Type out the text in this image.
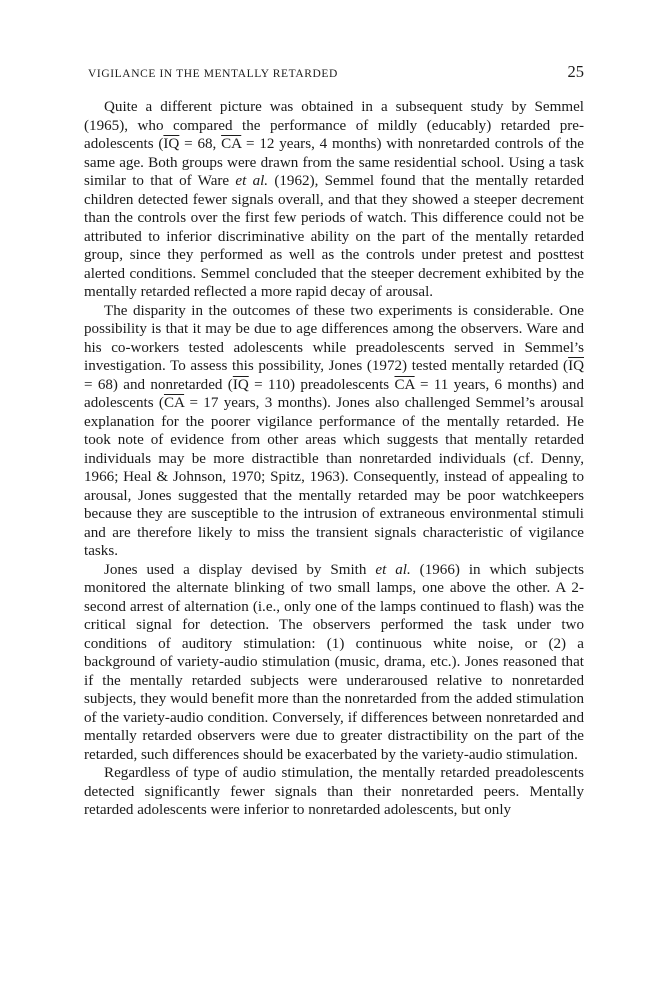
VIGILANCE IN THE MENTALLY RETARDED	25

Quite a different picture was obtained in a subsequent study by Semmel (1965), who compared the performance of mildly (educably) retarded pre-adolescents ($\overline{IQ} = 68$, $\overline{CA} = 12$ years, 4 months) with nonretarded controls of the same age. Both groups were drawn from the same residential school. Using a task similar to that of Ware et al. (1962), Semmel found that the mentally retarded children detected fewer signals overall, and that they showed a steeper decrement than the controls over the first few periods of watch. This difference could not be attributed to inferior discriminative ability on the part of the mentally retarded group, since they performed as well as the controls under pretest and posttest alerted conditions. Semmel concluded that the steeper decrement exhibited by the mentally retarded reflected a more rapid decay of arousal.

The disparity in the outcomes of these two experiments is considerable. One possibility is that it may be due to age differences among the observers. Ware and his co-workers tested adolescents while preadolescents served in Semmel’s investigation. To assess this possibility, Jones (1972) tested mentally retarded $(\overline{IQ} = 68)$ and nonretarded $(\overline{IQ} = 110)$ preadolescents $\overline{CA} = 11$ years, 6 months) and adolescents ($\overline{CA} = 17$ years, 3 months). Jones also challenged Semmel’s arousal explanation for the poorer vigilance performance of the mentally retarded. He took note of evidence from other areas which suggests that mentally retarded individuals may be more distractible than nonretarded individuals (cf. Denny, 1966; Heal & Johnson, 1970; Spitz, 1963). Consequently, instead of appealing to arousal, Jones suggested that the mentally retarded may be poor watchkeepers because they are susceptible to the intrusion of extraneous environmental stimuli and are therefore likely to miss the transient signals characteristic of vigilance tasks.

Jones used a display devised by Smith et al. (1966) in which subjects monitored the alternate blinking of two small lamps, one above the other. A 2-second arrest of alternation (i.e., only one of the lamps continued to flash) was the critical signal for detection. The observers performed the task under two conditions of auditory stimulation: (1) continuous white noise, or (2) a background of variety-audio stimulation (music, drama, etc.). Jones reasoned that if the mentally retarded subjects were underaroused relative to nonretarded subjects, they would benefit more than the nonretarded from the added stimulation of the variety-audio condition. Conversely, if differences between nonretarded and mentally retarded observers were due to greater distractibility on the part of the retarded, such differences should be exacerbated by the variety-audio stimulation.

Regardless of type of audio stimulation, the mentally retarded preadolescents detected significantly fewer signals than their nonretarded peers. Mentally retarded adolescents were inferior to nonretarded adolescents, but only
